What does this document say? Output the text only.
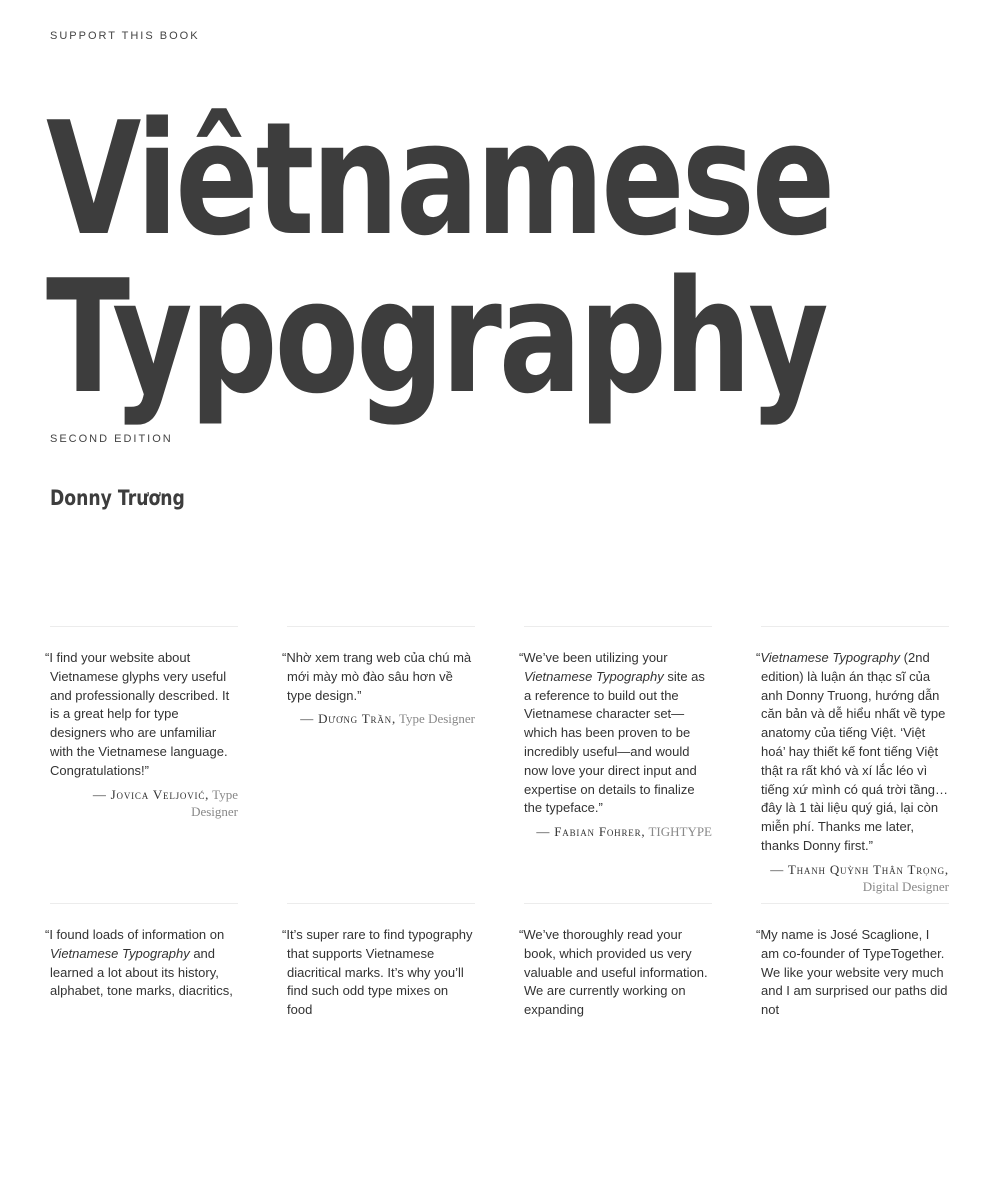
SUPPORT THIS BOOK
Viêtnamese
Typography
SECOND EDITION
Donny Trương

“I find your website about Vietnamese glyphs very useful and professionally described. It is a great help for type designers who are unfamiliar with the Vietnamese language. Congratulations!”

— Jovica Veljović, Type Designer

“Nhờ xem trang web của chú mà mới mày mò đào sâu hơn về type design.”

— Dương Trần, Type Designer

“We’ve been utilizing your Vietnamese Typography site as a reference to build out the Vietnamese character set—which has been proven to be incredibly useful—and would now love your direct input and expertise on details to finalize the typeface.”

— Fabian Fohrer, TIGHTYPE

“Vietnamese Typography (2nd edition) là luận án thạc sĩ của anh Donny Truong, hướng dẫn căn bản và dễ hiểu nhất về type anatomy của tiếng Việt. ‘Việt hoá’ hay thiết kế font tiếng Việt thật ra rất khó và xí lắc léo vì tiếng xứ mình có quá trời tầng… đây là 1 tài liệu quý giá, lại còn miễn phí. Thanks me later, thanks Donny first.”

— Thanh Quỳnh Thân Trọng, Digital Designer

“I found loads of information on Vietnamese Typography and learned a lot about its history, alphabet, tone marks, diacritics,

“It’s super rare to find typography that supports Vietnamese diacritical marks. It’s why you’ll find such odd type mixes on food

“We’ve thoroughly read your book, which provided us very valuable and useful information. We are currently working on expanding

“My name is José Scaglione, I am co-founder of TypeTogether. We like your website very much and I am surprised our paths did not
